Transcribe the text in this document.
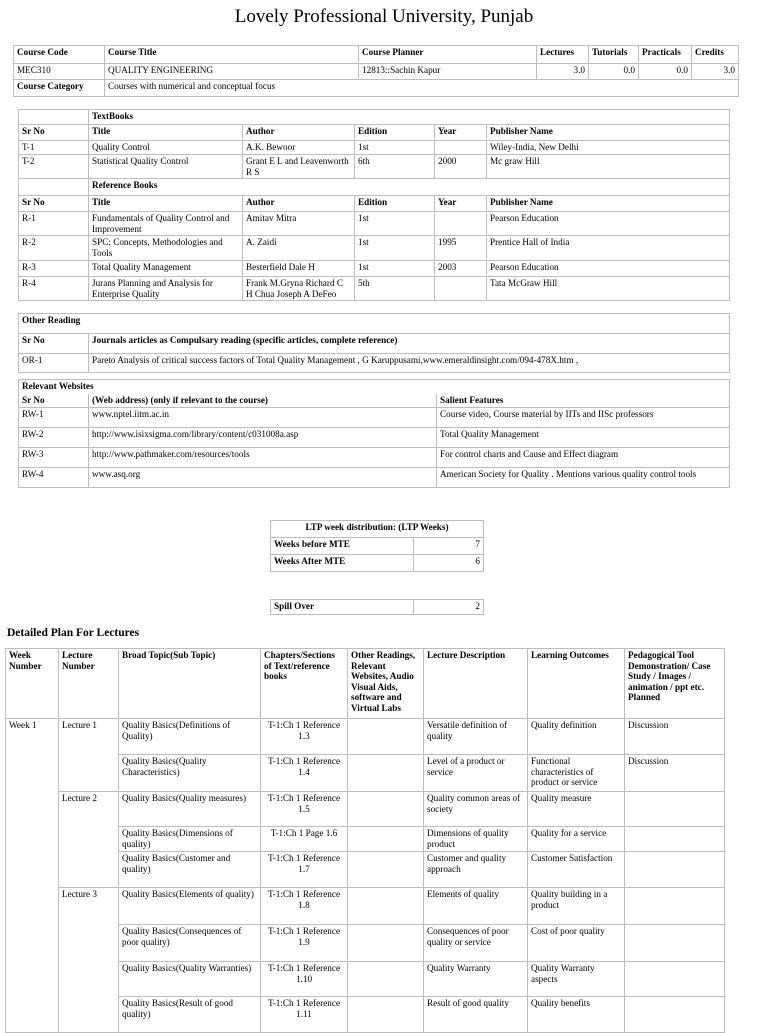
Lovely Professional University, Punjab
Course Code	Course Title	Course Planner	Lectures	Tutorials	Practicals	Credits
MEC310	QUALITY ENGINEERING	12813::Sachin Kapur	3.0	0.0	0.0	3.0
Course Category	Courses with numerical and conceptual focus					
	TextBooks				
Sr No	Title	Author	Edition	Year	Publisher Name
T-1	Quality Control	A.K. Bewoor	1st		Wiley-India, New Delhi
T-2	Statistical Quality Control	Grant E L and Leavenworth R S	6th	2000	Mc graw Hill
	Reference Books				
Sr No	Title	Author	Edition	Year	Publisher Name
R-1	Fundamentals of Quality Control and Improvement	Amitav Mitra	1st		Pearson Education
R-2	SPC: Concepts, Methodologies and Tools	A. Zaidi	1st	1995	Prentice Hall of India
R-3	Total Quality Management	Besterfield Dale H	1st	2003	Pearson Education
R-4	Jurans Planning and Analysis for Enterprise Quality	Frank M.Gryna Richard C H Chua Joseph A DeFeo	5th		Tata McGraw Hill
Other Reading	
Sr No	Journals articles as Compulsary reading (specific articles, complete reference)
OR-1	Pareto Analysis of critical success factors of Total Quality Management , G Karuppusami,www.emeraldinsight.com/094-478X.htm ,
Relevant Websites		
Sr No	(Web address) (only if relevant to the course)	Salient Features
RW-1	www.nptel.iitm.ac.in	Course video, Course material by IITs and IISc professors
RW-2	http://www.isixsigma.com/library/content/c031008a.asp	Total Quality Management
RW-3	http://www.pathmaker.com/resources/tools	For control charts and Cause and Effect diagram
RW-4	www.asq.org	American Society for Quality . Mentions various quality control tools
LTP week distribution: (LTP Weeks)	
Weeks before MTE	7
Weeks After MTE	6
Spill Over	2
Detailed Plan For Lectures
Week Number	Lecture Number	Broad Topic(Sub Topic)	Chapters/Sections of Text/reference books	Other Readings, Relevant Websites, Audio Visual Aids, software and Virtual Labs	Lecture Description	Learning Outcomes	Pedagogical Tool Demonstration/ Case Study / Images / animation / ppt etc. Planned
Week 1	Lecture 1	Quality Basics(Definitions of Quality)	T-1:Ch 1 Reference 1.3		Versatile definition of quality	Quality definition	Discussion
		Quality Basics(Quality Characteristics)	T-1:Ch 1 Reference 1.4		Level of a product or service	Functional characteristics of product or service	Discussion
	Lecture 2	Quality Basics(Quality measures)	T-1:Ch 1 Reference 1.5		Quality common areas of society	Quality measure	
		Quality Basics(Dimensions of quality)	T-1:Ch 1 Page 1.6		Dimensions of quality product	Quality for a service	
		Quality Basics(Customer and quality)	T-1:Ch 1 Reference 1.7		Customer and quality approach	Customer Satisfaction	
	Lecture 3	Quality Basics(Elements of quality)	T-1:Ch 1 Reference 1.8		Elements of quality	Quality building in a product	
		Quality Basics(Consequences of poor quality)	T-1:Ch 1 Reference 1.9		Consequences of poor quality or service	Cost of poor quality	
		Quality Basics(Quality Warranties)	T-1:Ch 1 Reference 1.10		Quality Warranty	Quality Warranty aspects	
		Quality Basics(Result of good quality)	T-1:Ch 1 Reference 1.11		Result of good quality	Quality benefits	
